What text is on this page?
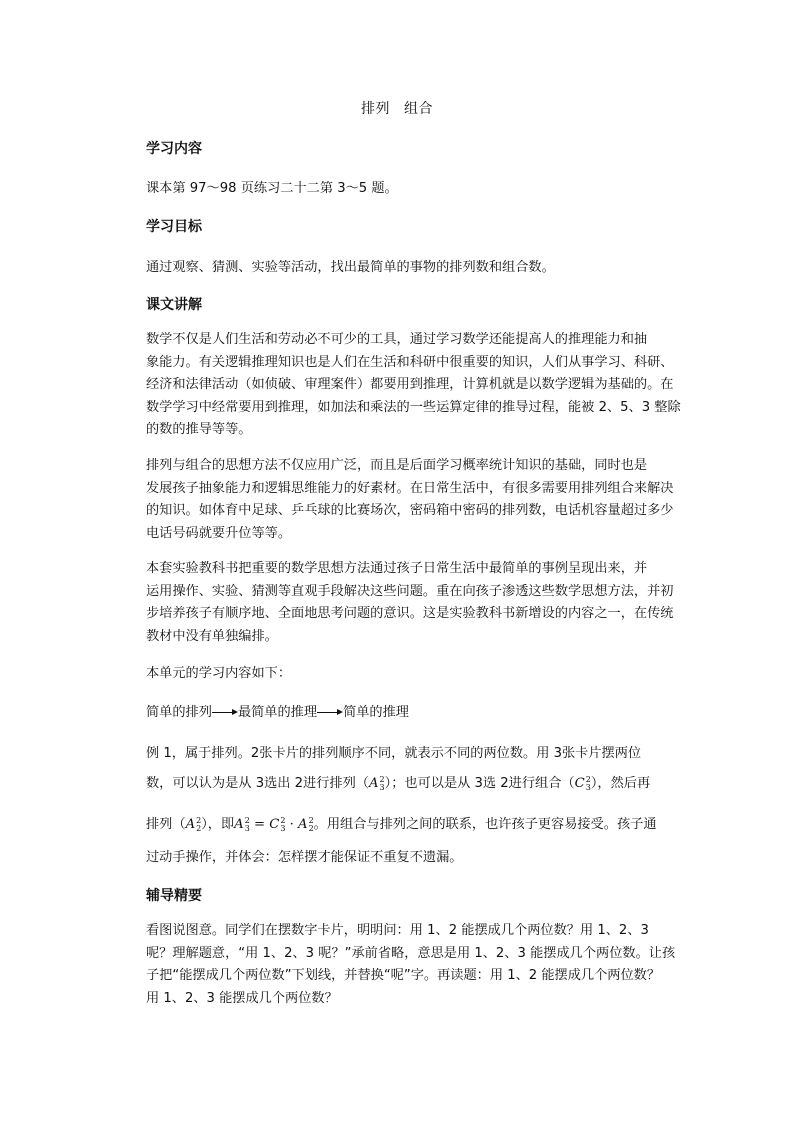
排列 组合
学习内容
课本第 97～98 页练习二十二第 3～5 题。
学习目标
通过观察、猜测、实验等活动，找出最简单的事物的排列数和组合数。
课文讲解
数学不仅是人们生活和劳动必不可少的工具，通过学习数学还能提高人的推理能力和抽
象能力。有关逻辑推理知识也是人们在生活和科研中很重要的知识，人们从事学习、科研、
经济和法律活动（如侦破、审理案件）都要用到推理，计算机就是以数学逻辑为基础的。在
数学学习中经常要用到推理，如加法和乘法的一些运算定律的推导过程，能被 2、5、3 整除
的数的推导等等。
排列与组合的思想方法不仅应用广泛，而且是后面学习概率统计知识的基础，同时也是
发展孩子抽象能力和逻辑思维能力的好素材。在日常生活中，有很多需要用排列组合来解决
的知识。如体育中足球、乒乓球的比赛场次，密码箱中密码的排列数，电话机容量超过多少
电话号码就要升位等等。
本套实验教科书把重要的数学思想方法通过孩子日常生活中最简单的事例呈现出来，并
运用操作、实验、猜测等直观手段解决这些问题。重在向孩子渗透这些数学思想方法，并初
步培养孩子有顺序地、全面地思考问题的意识。这是实验教科书新增设的内容之一，在传统
教材中没有单独编排。
本单元的学习内容如下：
简单的排列 最简单的推理 简单的推理
例 1，属于排列。2张卡片的排列顺序不同，就表示不同的两位数。用 3张卡片摆两位
数，可以认为是从 3选出 2进行排列（A 2
3 ）；也可以是从 3选 2进行组合（C 2
3 ），然后再
排列（A 2
2 ），即A 2
3 = C 2
3 · A 2
2 。用组合与排列之间的联系，也许孩子更容易接受。孩子通
过动手操作，并体会：怎样摆才能保证不重复不遗漏。
辅导精要
看图说图意。同学们在摆数字卡片，明明问：用 1、2 能摆成几个两位数？用 1、2、3
呢？理解题意，“用 1、2、3 呢？”承前省略，意思是用 1、2、3 能摆成几个两位数。让孩
子把“能摆成几个两位数”下划线，并替换“呢”字。再读题：用 1、2 能摆成几个两位数？
用 1、2、3 能摆成几个两位数？
